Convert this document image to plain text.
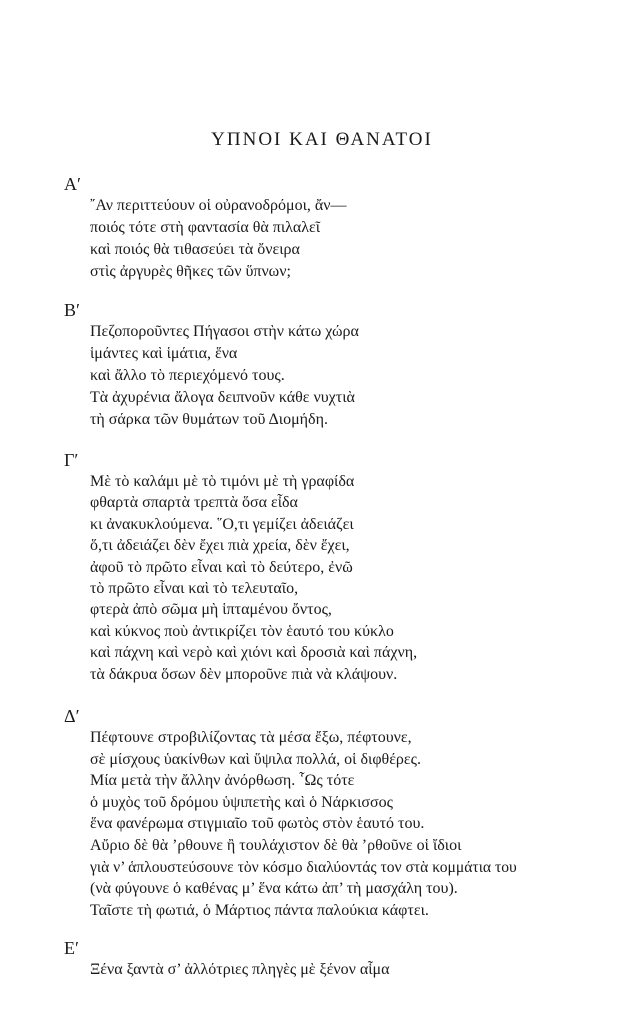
ΥΠΝΟΙ ΚΑΙ ΘΑΝΑΤΟΙ
Α′
῎Αν περιττεύουν οἱ οὐρανοδρόμοι, ἄν—
ποιός τότε στὴ φαντασία θὰ πιλαλεῖ
καὶ ποιός θὰ τιθασεύει τὰ ὄνειρα
στὶς ἀργυρὲς θῆκες τῶν ὕπνων;
Β′
Πεζοποροῦντες Πήγασοι στὴν κάτω χώρα
ἱμάντες καὶ ἱμάτια, ἕνα
καὶ ἄλλο τὸ περιεχόμενό τους.
Τὰ ἀχυρένια ἄλογα δειπνοῦν κάθε νυχτιὰ
τὴ σάρκα τῶν θυμάτων τοῦ Διομήδη.
Γ′
Μὲ τὸ καλάμι μὲ τὸ τιμόνι μὲ τὴ γραφίδα
φθαρτὰ σπαρτὰ τρεπτὰ ὅσα εἶδα
κι ἀνακυκλούμενα. ῞Ο,τι γεμίζει ἀδειάζει
ὅ,τι ἀδειάζει δὲν ἔχει πιὰ χρεία, δὲν ἔχει,
ἀφοῦ τὸ πρῶτο εἶναι καὶ τὸ δεύτερο, ἐνῶ
τὸ πρῶτο εἶναι καὶ τὸ τελευταῖο,
φτερὰ ἀπὸ σῶμα μὴ ἱπταμένου ὄντος,
καὶ κύκνος ποὺ ἀντικρίζει τὸν ἑαυτό του κύκλο
καὶ πάχνη καὶ νερὸ καὶ χιόνι καὶ δροσιὰ καὶ πάχνη,
τὰ δάκρυα ὅσων δὲν μποροῦνε πιὰ νὰ κλάψουν.
Δ′
Πέφτουνε στροβιλίζοντας τὰ μέσα ἔξω, πέφτουνε,
σὲ μίσχους ὑακίνθων καὶ ὕψιλα πολλά, οἱ διφθέρες.
Μία μετὰ τὴν ἄλλην ἀνόρθωση. ῟Ως τότε
ὁ μυχὸς τοῦ δρόμου ὑψιπετὴς καὶ ὁ Νάρκισσος
ἕνα φανέρωμα στιγμιαῖο τοῦ φωτὸς στὸν ἑαυτό του.
Αὔριο δὲ θὰ ’ρθουνε ἢ τουλάχιστον δὲ θὰ ’ρθοῦνε οἱ ἴδιοι
γιὰ ν’ ἁπλουστεύσουνε τὸν κόσμο διαλύοντάς τον στὰ κομμάτια του
(νὰ φύγουνε ὁ καθένας μ’ ἕνα κάτω ἀπ’ τὴ μασχάλη του).
Ταῖστε τὴ φωτιά, ὁ Μάρτιος πάντα παλούκια κάφτει.
Ε′
Ξένα ξαντὰ σ’ ἀλλότριες πληγὲς μὲ ξένον αἷμα
